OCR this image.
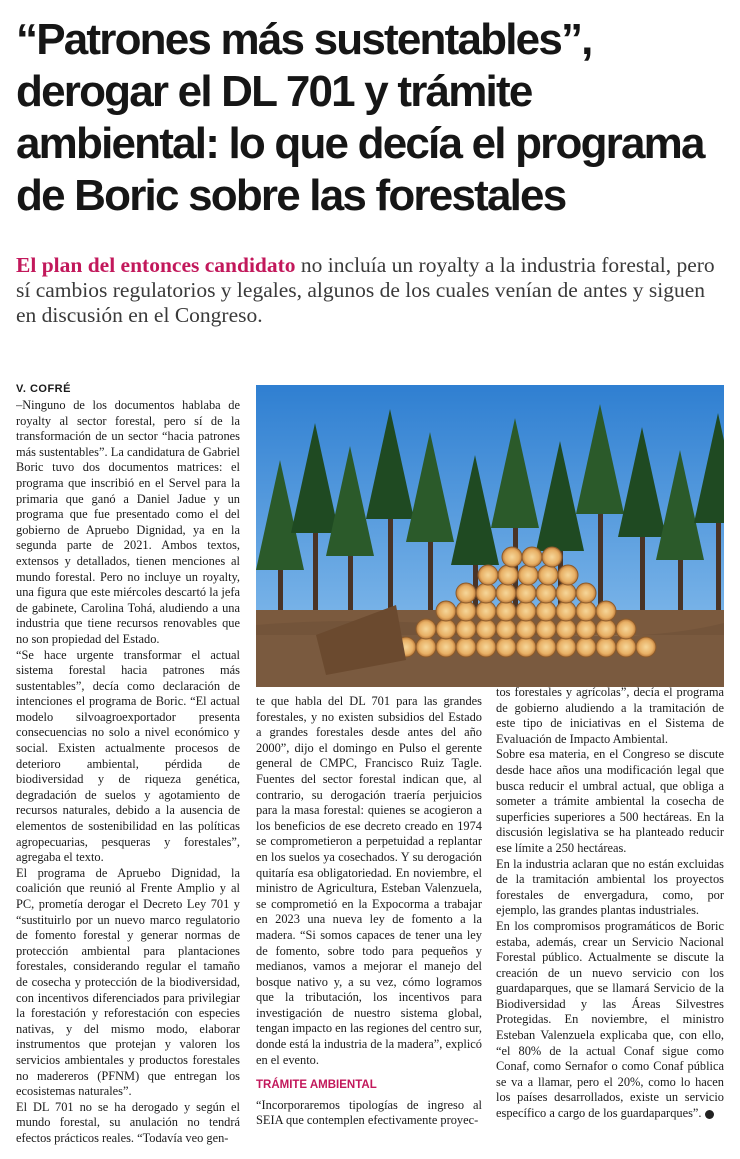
“Patrones más sustentables”, derogar el DL 701 y trámite ambiental: lo que decía el programa de Boric sobre las forestales

El plan del entonces candidato no incluía un royalty a la industria forestal, pero sí cambios regulatorios y legales, algunos de los cuales venían de antes y siguen en discusión en el Congreso.

V. COFRÉ

–Ninguno de los documentos hablaba de royalty al sector forestal, pero sí de la transformación de un sector “hacia patrones más sustentables”. La candidatura de Gabriel Boric tuvo dos documentos matrices: el programa que inscribió en el Servel para la primaria que ganó a Daniel Jadue y un programa que fue presentado como el del gobierno de Apruebo Dignidad, ya en la segunda parte de 2021. Ambos textos, extensos y detallados, tienen menciones al mundo forestal. Pero no incluye un royalty, una figura que este miércoles descartó la jefa de gabinete, Carolina Tohá, aludiendo a una industria que tiene recursos renovables que no son propiedad del Estado.

“Se hace urgente transformar el actual sistema forestal hacia patrones más sustentables”, decía como declaración de intenciones el programa de Boric. “El actual modelo silvoagroexportador presenta consecuencias no solo a nivel económico y social. Existen actualmente procesos de deterioro ambiental, pérdida de biodiversidad y de riqueza genética, degradación de suelos y agotamiento de recursos naturales, debido a la ausencia de elementos de sostenibilidad en las políticas agropecuarias, pesqueras y forestales”, agregaba el texto.

El programa de Apruebo Dignidad, la coalición que reunió al Frente Amplio y al PC, prometía derogar el Decreto Ley 701 y “sustituirlo por un nuevo marco regulatorio de fomento forestal y generar normas de protección ambiental para plantaciones forestales, considerando regular el tamaño de cosecha y protección de la biodiversidad, con incentivos diferenciados para privilegiar la forestación y reforestación con especies nativas, y del mismo modo, elaborar instrumentos que protejan y valoren los servicios ambientales y productos forestales no madereros (PFNM) que entregan los ecosistemas naturales”.

El DL 701 no se ha derogado y según el mundo forestal, su anulación no tendrá efectos prácticos reales. “Todavía veo gen-

te que habla del DL 701 para las grandes forestales, y no existen subsidios del Estado a grandes forestales desde antes del año 2000”, dijo el domingo en Pulso el gerente general de CMPC, Francisco Ruiz Tagle. Fuentes del sector forestal indican que, al contrario, su derogación traería perjuicios para la masa forestal: quienes se acogieron a los beneficios de ese decreto creado en 1974 se comprometieron a perpetuidad a replantar en los suelos ya cosechados. Y su derogación quitaría esa obligatoriedad. En noviembre, el ministro de Agricultura, Esteban Valenzuela, se comprometió en la Expocorma a trabajar en 2023 una nueva ley de fomento a la madera. “Si somos capaces de tener una ley de fomento, sobre todo para pequeños y medianos, vamos a mejorar el manejo del bosque nativo y, a su vez, cómo logramos que la tributación, los incentivos para investigación de nuestro sistema global, tengan impacto en las regiones del centro sur, donde está la industria de la madera”, explicó en el evento.

TRÁMITE AMBIENTAL

“Incorporaremos tipologías de ingreso al SEIA que contemplen efectivamente proyec-

tos forestales y agrícolas”, decía el programa de gobierno aludiendo a la tramitación de este tipo de iniciativas en el Sistema de Evaluación de Impacto Ambiental.

Sobre esa materia, en el Congreso se discute desde hace años una modificación legal que busca reducir el umbral actual, que obliga a someter a trámite ambiental la cosecha de superficies superiores a 500 hectáreas. En la discusión legislativa se ha planteado reducir ese límite a 250 hectáreas.

En la industria aclaran que no están excluidas de la tramitación ambiental los proyectos forestales de envergadura, como, por ejemplo, las grandes plantas industriales.

En los compromisos programáticos de Boric estaba, además, crear un Servicio Nacional Forestal público. Actualmente se discute la creación de un nuevo servicio con los guardaparques, que se llamará Servicio de la Biodiversidad y las Áreas Silvestres Protegidas. En noviembre, el ministro Esteban Valenzuela explicaba que, con ello, “el 80% de la actual Conaf sigue como Conaf, como Sernafor o como Conaf pública se va a llamar, pero el 20%, como lo hacen los países desarrollados, existe un servicio específico a cargo de los guardaparques”.
